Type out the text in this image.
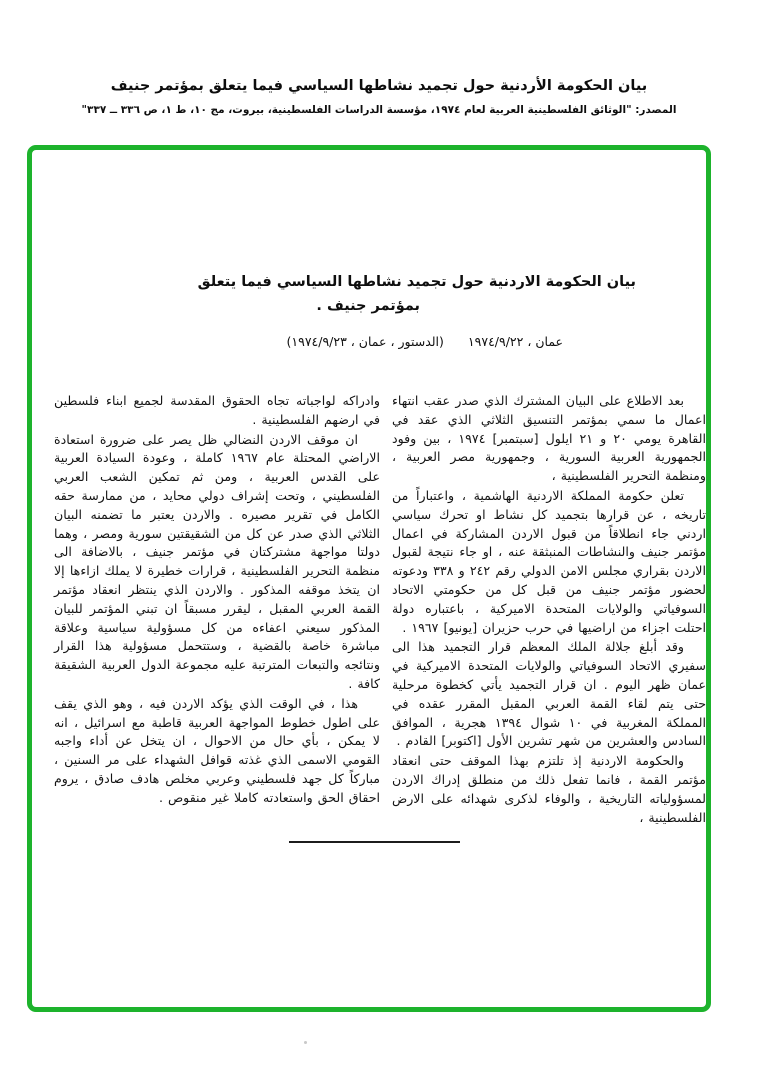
بيان الحكومة الأردنية حول تجميد نشاطها السياسي فيما يتعلق بمؤتمر جنيف
المصدر: "الوثائق الفلسطينية العربية لعام ١٩٧٤، مؤسسة الدراسات الفلسطينية، بيروت، مج ١٠، ط ١، ص ٣٣٦ ــ ٣٣٧"
بيان الحكومة الاردنية حول تجميد نشاطها السياسي فيما يتعلق
بمؤتمر جنيف .
عمان ، ١٩٧٤/٩/٢٢
(الدستور ، عمان ، ١٩٧٤/٩/٢٣)

بعد الاطلاع على البيان المشترك الذي صدر عقب انتهاء اعمال ما سمي بمؤتمر التنسيق الثلاثي الذي عقد في القاهرة يومي ٢٠ و ٢١ ايلول [سبتمبر] ١٩٧٤ ، بين وفود الجمهورية العربية السورية ، وجمهورية مصر العربية ، ومنظمة التحرير الفلسطينية ،

تعلن حكومة المملكة الاردنية الهاشمية ، واعتباراً من تاريخه ، عن قرارها بتجميد كل نشاط او تحرك سياسي اردني جاء انطلاقاً من قبول الاردن المشاركة في اعمال مؤتمر جنيف والنشاطات المنبثقة عنه ، او جاء نتيجة لقبول الاردن بقراري مجلس الامن الدولي رقم ٢٤٢ و ٣٣٨ ودعوته لحضور مؤتمر جنيف من قبل كل من حكومتي الاتحاد السوفياتي والولايات المتحدة الاميركية ، باعتباره دولة احتلت اجزاء من اراضيها في حرب حزيران [يونيو] ١٩٦٧ .

وقد أبلغ جلالة الملك المعظم قرار التجميد هذا الى سفيري الاتحاد السوفياتي والولايات المتحدة الاميركية في عمان ظهر اليوم . ان قرار التجميد يأتي كخطوة مرحلية حتى يتم لقاء القمة العربي المقبل المقرر عقده في المملكة المغربية في ١٠ شوال ١٣٩٤ هجرية ، الموافق السادس والعشرين من شهر تشرين الأول [اكتوبر] القادم .

والحكومة الاردنية إذ تلتزم بهذا الموقف حتى انعقاد مؤتمر القمة ، فانما تفعل ذلك من منطلق إدراك الاردن لمسؤولياته التاريخية ، والوفاء لذكرى شهدائه على الارض الفلسطينية ،

وادراكه لواجباته تجاه الحقوق المقدسة لجميع ابناء فلسطين في ارضهم الفلسطينية .

ان موقف الاردن النضالي ظل يصر على ضرورة استعادة الاراضي المحتلة عام ١٩٦٧ كاملة ، وعودة السيادة العربية على القدس العربية ، ومن ثم تمكين الشعب العربي الفلسطيني ، وتحت إشراف دولي محايد ، من ممارسة حقه الكامل في تقرير مصيره . والاردن يعتبر ما تضمنه البيان الثلاثي الذي صدر عن كل من الشقيقتين سورية ومصر ، وهما دولتا مواجهة مشتركتان في مؤتمر جنيف ، بالاضافة الى منظمة التحرير الفلسطينية ، قرارات خطيرة لا يملك ازاءها إلا ان يتخذ موقفه المذكور . والاردن الذي ينتظر انعقاد مؤتمر القمة العربي المقبل ، ليقرر مسبقاً ان تبني المؤتمر للبيان المذكور سيعني اعفاءه من كل مسؤولية سياسية وعلاقة مباشرة خاصة بالقضية ، وستتحمل مسؤولية هذا القرار ونتائجه والتبعات المترتبة عليه مجموعة الدول العربية الشقيقة كافة .

هذا ، في الوقت الذي يؤكد الاردن فيه ، وهو الذي يقف على اطول خطوط المواجهة العربية قاطبة مع اسرائيل ، انه لا يمكن ، بأي حال من الاحوال ، ان يتخل عن أداء واجبه القومي الاسمى الذي غذته قوافل الشهداء على مر السنين ، مباركاً كل جهد فلسطيني وعربي مخلص هادف صادق ، يروم احقاق الحق واستعادته كاملا غير منقوص .
